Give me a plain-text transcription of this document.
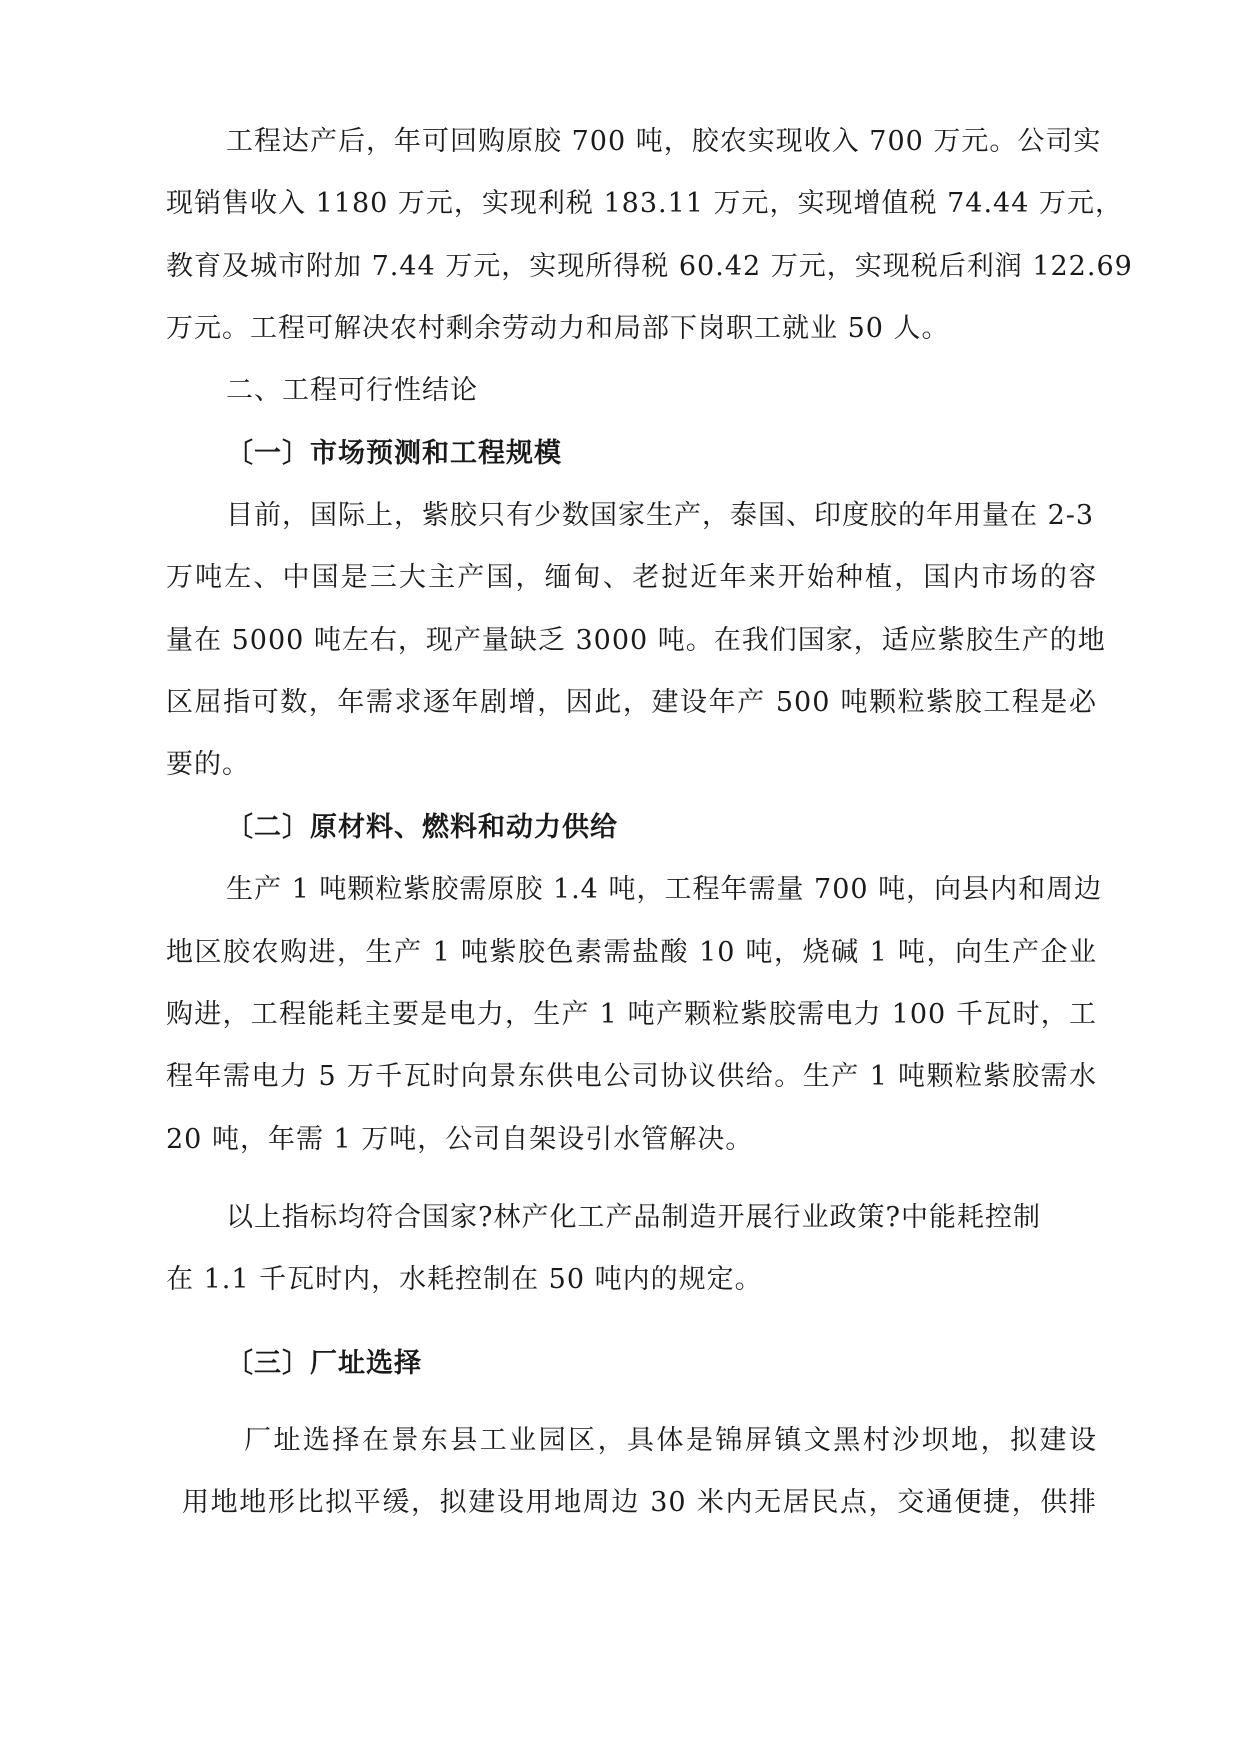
工程达产后，年可回购原胶 700 吨，胶农实现收入 700 万元。公司实
现销售收入 1180 万元，实现利税 183.11 万元，实现增值税 74.44 万元，
教育及城市附加 7.44 万元，实现所得税 60.42 万元，实现税后利润 122.69
万元。工程可解决农村剩余劳动力和局部下岗职工就业 50 人。
二、工程可行性结论
〔一〕市场预测和工程规模
目前，国际上，紫胶只有少数国家生产，泰国、印度胶的年用量在 2-3
万吨左、中国是三大主产国，缅甸、老挝近年来开始种植，国内市场的容
量在 5000 吨左右，现产量缺乏 3000 吨。在我们国家，适应紫胶生产的地
区屈指可数，年需求逐年剧增，因此，建设年产 500 吨颗粒紫胶工程是必
要的。
〔二〕原材料、燃料和动力供给
生产 1 吨颗粒紫胶需原胶 1.4 吨，工程年需量 700 吨，向县内和周边
地区胶农购进，生产 1 吨紫胶色素需盐酸 10 吨，烧碱 1 吨，向生产企业
购进，工程能耗主要是电力，生产 1 吨产颗粒紫胶需电力 100 千瓦时，工
程年需电力 5 万千瓦时向景东供电公司协议供给。生产 1 吨颗粒紫胶需水
20 吨，年需 1 万吨，公司自架设引水管解决。
以上指标均符合国家?林产化工产品制造开展行业政策?中能耗控制
在 1.1 千瓦时内，水耗控制在 50 吨内的规定。
〔三〕厂址选择
厂址选择在景东县工业园区，具体是锦屏镇文黑村沙坝地，拟建设
用地地形比拟平缓，拟建设用地周边 30 米内无居民点，交通便捷，供排
